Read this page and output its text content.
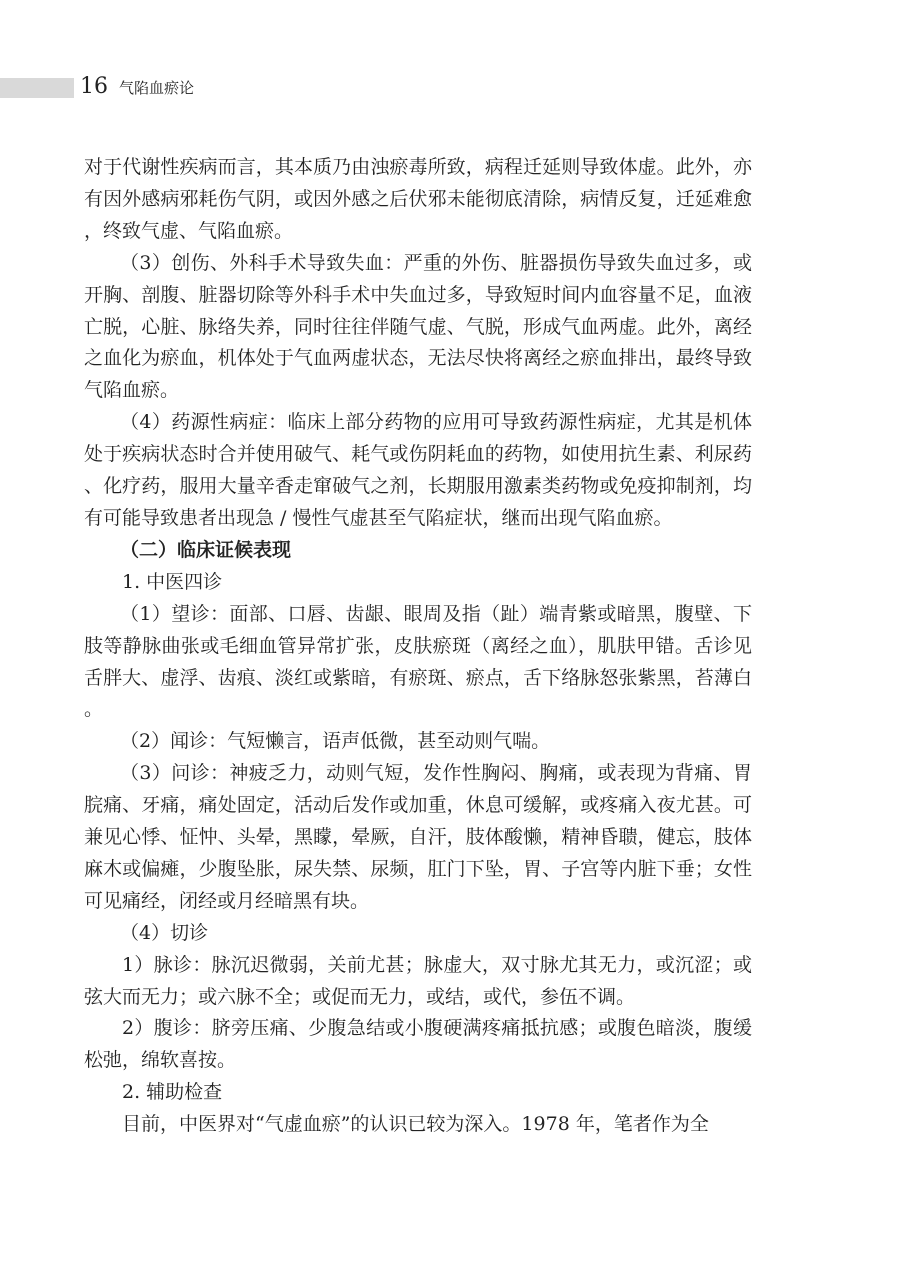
16 气陷血瘀论

对于代谢性疾病而言，其本质乃由浊瘀毒所致，病程迁延则导致体虚。此外，亦有因外感病邪耗伤气阴，或因外感之后伏邪未能彻底清除，病情反复，迁延难愈，终致气虚、气陷血瘀。

（3）创伤、外科手术导致失血：严重的外伤、脏器损伤导致失血过多，或开胸、剖腹、脏器切除等外科手术中失血过多，导致短时间内血容量不足，血液亡脱，心脏、脉络失养，同时往往伴随气虚、气脱，形成气血两虚。此外，离经之血化为瘀血，机体处于气血两虚状态，无法尽快将离经之瘀血排出，最终导致气陷血瘀。

（4）药源性病症：临床上部分药物的应用可导致药源性病症，尤其是机体处于疾病状态时合并使用破气、耗气或伤阴耗血的药物，如使用抗生素、利尿药、化疗药，服用大量辛香走窜破气之剂，长期服用激素类药物或免疫抑制剂，均有可能导致患者出现急 / 慢性气虚甚至气陷症状，继而出现气陷血瘀。

（二）临床证候表现

1. 中医四诊

（1）望诊：面部、口唇、齿龈、眼周及指（趾）端青紫或暗黑，腹壁、下肢等静脉曲张或毛细血管异常扩张，皮肤瘀斑（离经之血），肌肤甲错。舌诊见舌胖大、虚浮、齿痕、淡红或紫暗，有瘀斑、瘀点，舌下络脉怒张紫黑，苔薄白。

（2）闻诊：气短懒言，语声低微，甚至动则气喘。

（3）问诊：神疲乏力，动则气短，发作性胸闷、胸痛，或表现为背痛、胃脘痛、牙痛，痛处固定，活动后发作或加重，休息可缓解，或疼痛入夜尤甚。可兼见心悸、怔忡、头晕，黑矇，晕厥，自汗，肢体酸懒，精神昏聩，健忘，肢体麻木或偏瘫，少腹坠胀，尿失禁、尿频，肛门下坠，胃、子宫等内脏下垂；女性可见痛经，闭经或月经暗黑有块。

（4）切诊

1）脉诊：脉沉迟微弱，关前尤甚；脉虚大，双寸脉尤其无力，或沉涩；或弦大而无力；或六脉不全；或促而无力，或结，或代，参伍不调。

2）腹诊：脐旁压痛、少腹急结或小腹硬满疼痛抵抗感；或腹色暗淡，腹缓松弛，绵软喜按。

2. 辅助检查

目前，中医界对“气虚血瘀”的认识已较为深入。1978 年，笔者作为全
